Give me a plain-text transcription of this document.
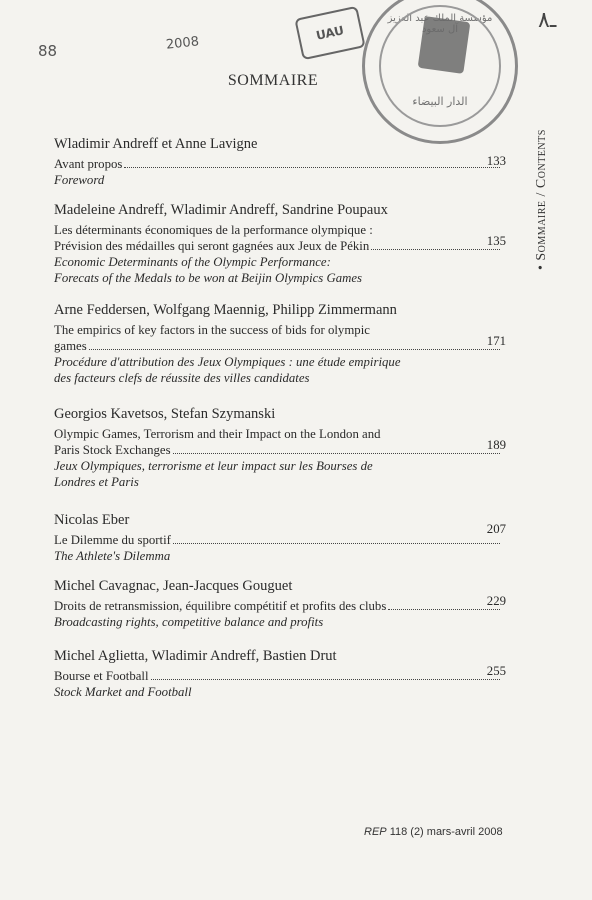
88	2008
ـ٨
UAU
مؤسسة الملك عبد العزيز آل سعود
الدار البيضاء
SOMMAIRE
• Sommaire / Contents
Wladimir Andreff et Anne Lavigne
Avant propos
Foreword
133
Madeleine Andreff, Wladimir Andreff, Sandrine Poupaux
Les déterminants économiques de la performance olympique :
Prévision des médailles qui seront gagnées aux Jeux de Pékin
Economic Determinants of the Olympic Performance:
Forecats of the Medals to be won at Beijin Olympics Games
135
Arne Feddersen, Wolfgang Maennig, Philipp Zimmermann
The empirics of key factors in the success of bids for olympic
games
Procédure d'attribution des Jeux Olympiques : une étude empirique
des facteurs clefs de réussite des villes candidates
171
Georgios Kavetsos, Stefan Szymanski
Olympic Games, Terrorism and their Impact on the London and
Paris Stock Exchanges
Jeux Olympiques, terrorisme et leur impact sur les Bourses de
Londres et Paris
189
Nicolas Eber
Le Dilemme du sportif
The Athlete's Dilemma
207
Michel Cavagnac, Jean-Jacques Gouguet
Droits de retransmission, équilibre compétitif et profits des clubs
Broadcasting rights, competitive balance and profits
229
Michel Aglietta, Wladimir Andreff, Bastien Drut
Bourse et Football
Stock Market and Football
255
REP 118 (2) mars-avril 2008
